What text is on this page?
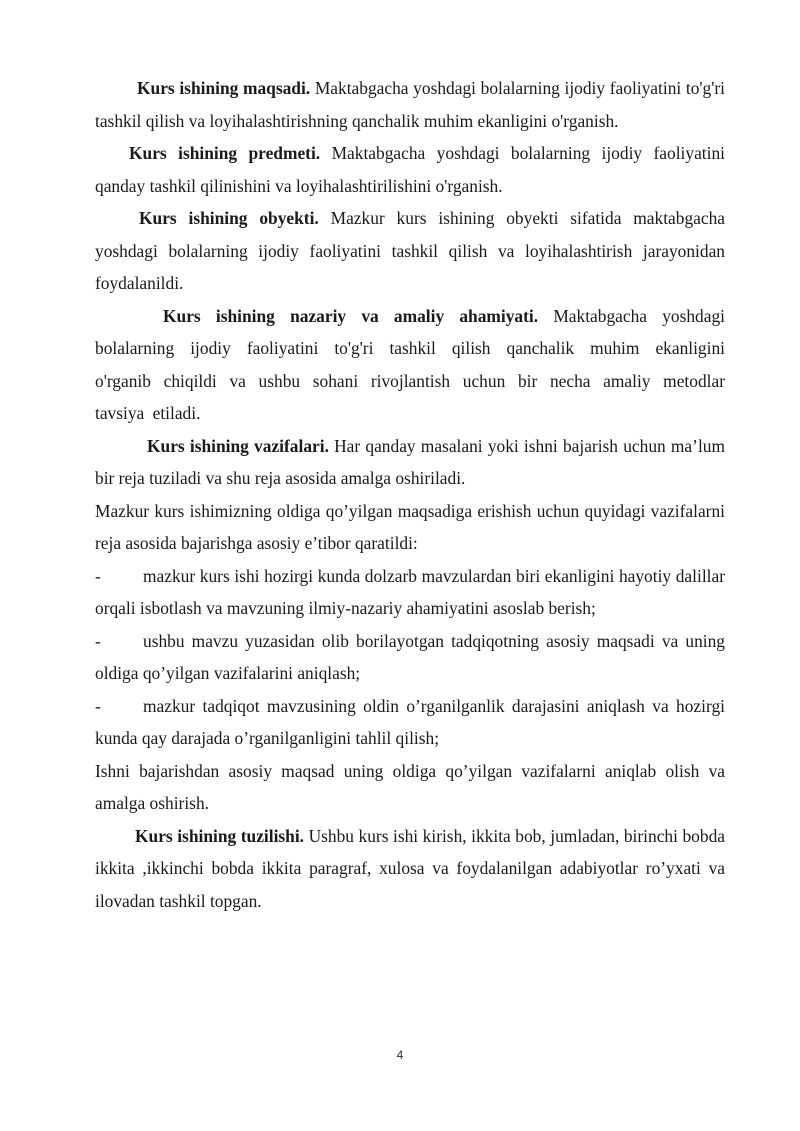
Kurs ishining maqsadi. Maktabgacha yoshdagi bolalarning ijodiy faoliyatini to'g'ri tashkil qilish va loyihalashtirishning qanchalik muhim ekanligini o'rganish.

Kurs ishining predmeti. Maktabgacha yoshdagi bolalarning ijodiy faoliyatini qanday tashkil qilinishini va loyihalashtirilishini o'rganish.

Kurs ishining obyekti. Mazkur kurs ishining obyekti sifatida maktabgacha yoshdagi bolalarning ijodiy faoliyatini tashkil qilish va loyihalashtirish jarayonidan foydalanildi.

Kurs ishining nazariy va amaliy ahamiyati. Maktabgacha yoshdagi bolalarning ijodiy faoliyatini to'g'ri tashkil qilish qanchalik muhim ekanligini o'rganib chiqildi va ushbu sohani rivojlantish uchun bir necha amaliy metodlar tavsiya etiladi.

Kurs ishining vazifalari. Har qanday masalani yoki ishni bajarish uchun ma’lum bir reja tuziladi va shu reja asosida amalga oshiriladi.

Mazkur kurs ishimizning oldiga qo’yilgan maqsadiga erishish uchun quyidagi vazifalarni reja asosida bajarishga asosiy e’tibor qaratildi:

- mazkur kurs ishi hozirgi kunda dolzarb mavzulardan biri ekanligini hayotiy dalillar orqali isbotlash va mavzuning ilmiy-nazariy ahamiyatini asoslab berish;

- ushbu mavzu yuzasidan olib borilayotgan tadqiqotning asosiy maqsadi va uning oldiga qo’yilgan vazifalarini aniqlash;

- mazkur tadqiqot mavzusining oldin o’rganilganlik darajasini aniqlash va hozirgi kunda qay darajada o’rganilganligini tahlil qilish;

Ishni bajarishdan asosiy maqsad uning oldiga qo’yilgan vazifalarni aniqlab olish va amalga oshirish.

Kurs ishining tuzilishi. Ushbu kurs ishi kirish, ikkita bob, jumladan, birinchi bobda ikkita ,ikkinchi bobda ikkita paragraf, xulosa va foydalanilgan adabiyotlar ro’yxati va ilovadan tashkil topgan.

4
